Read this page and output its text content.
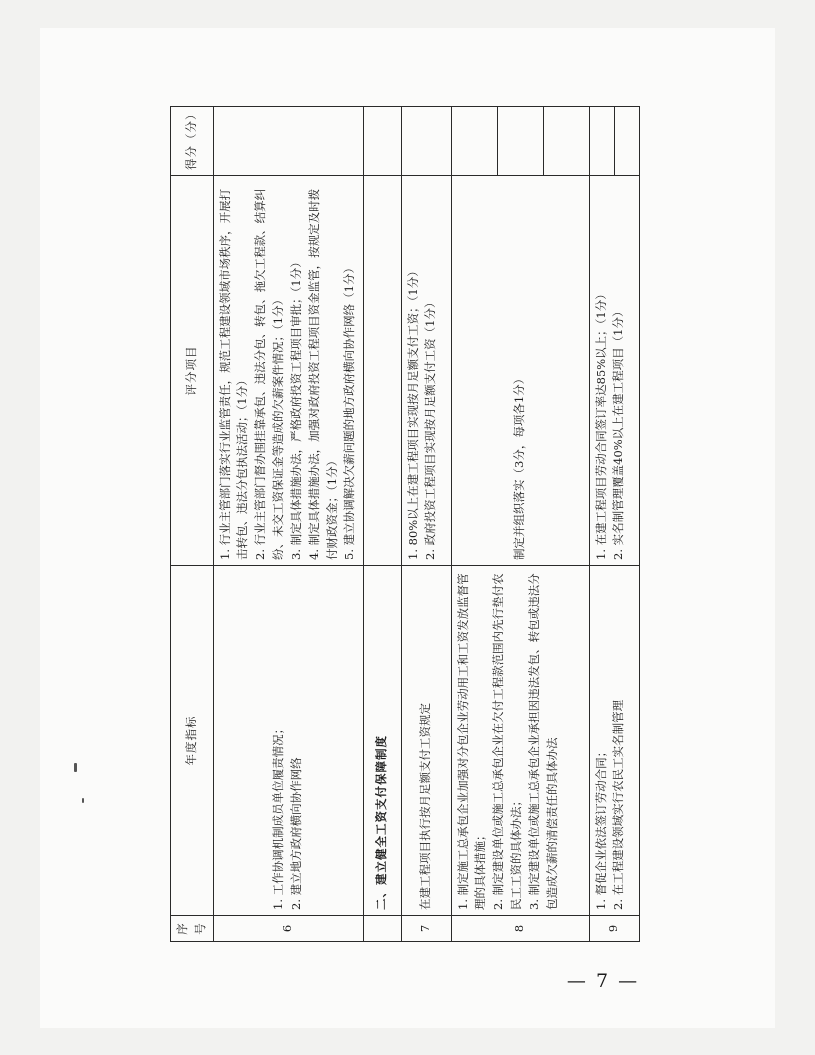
序号	年度指标	评分项目	得分（分）
6	1. 工作协调机制成员单位履责情况； 2. 建立地方政府横向协作网络	1. 行业主管部门落实行业监管责任，规范工程建设领域市场秩序，开展打击转包、违法分包执法活动；（1分） 2. 行业主管部门督办围挂靠承包、违法分包、转包、拖欠工程款、结算纠纷、未交工资保证金等造成的欠薪案件情况；（1分） 3. 制定具体措施办法，严格政府投资工程项目审批；（1分） 4. 制定具体措施办法，加强对政府投资工程项目资金监管，按规定及时拨付财政资金；（1分） 5. 建立协调解决欠薪问题的地方政府横向协作网络（1分）	

	二、建立健全工资支付保障制度		
7	在建工程项目执行按月足额支付工资规定	1. 80%以上在建工程项目实现按月足额支付工资；（1分） 2. 政府投资工程项目实现按月足额支付工资（1分）	

8	1. 制定施工总承包企业加强对分包企业劳动用工和工资发放监督管理的具体措施； 2. 制定建设单位或施工总承包企业在欠付工程款范围内先行垫付农民工工资的具体办法； 3. 制定建设单位或施工总承包企业承担因违法发包、转包或违法分包造成欠薪的清偿责任的具体办法	制定并组织落实（3分，每项各1分）	

9	1. 督促企业依法签订劳动合同； 2. 在工程建设领域实行农民工实名制管理	1. 在建工程项目劳动合同签订率达85%以上；（1分） 2. 实名制管理覆盖40%以上在建工程项目（1分）	

— 7 —
